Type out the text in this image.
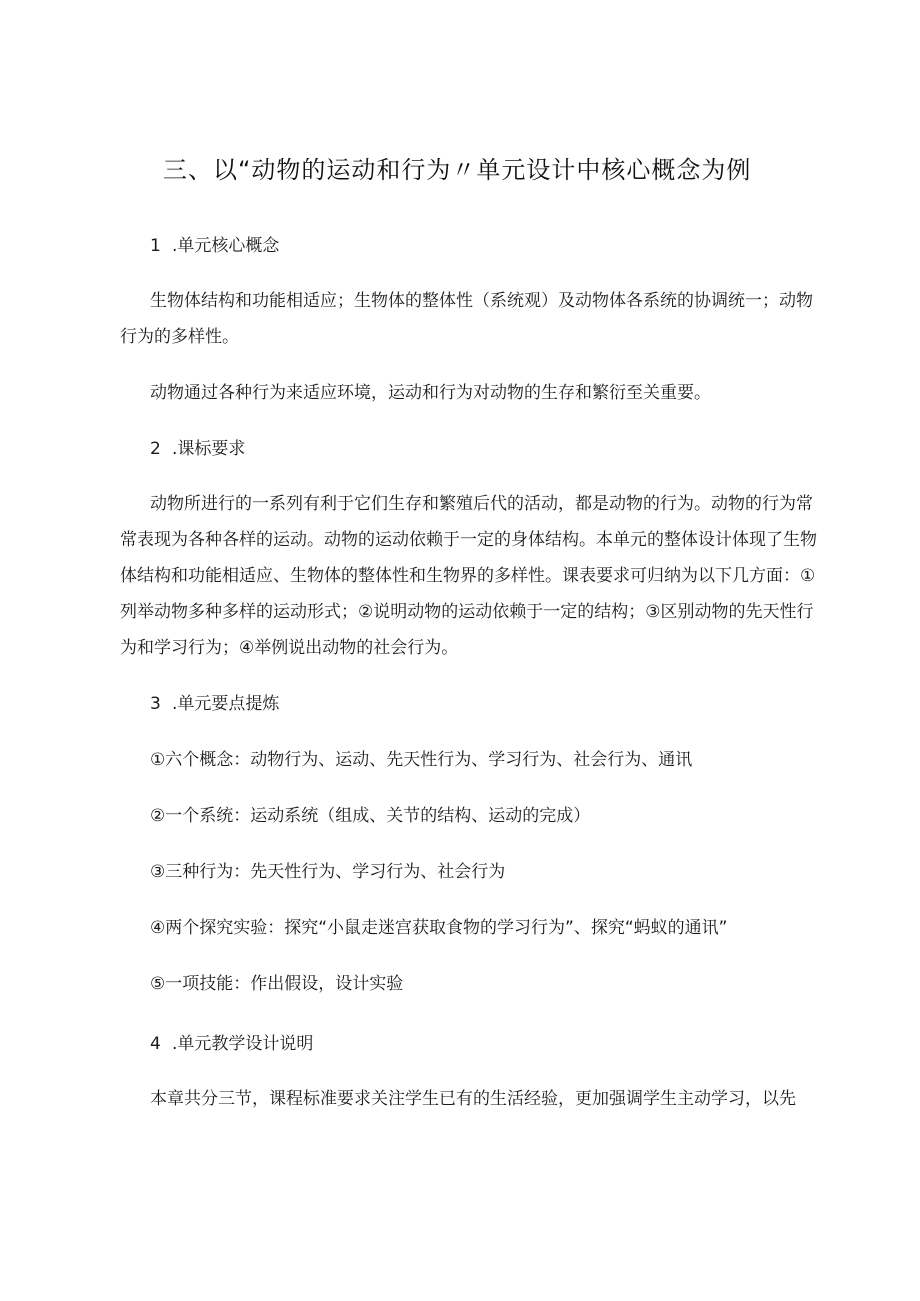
三、以“动物的运动和行为〃单元设计中核心概念为例
1 .单元核心概念
生物体结构和功能相适应；生物体的整体性（系统观）及动物体各系统的协调统一；动物
行为的多样性。
动物通过各种行为来适应环境，运动和行为对动物的生存和繁衍至关重要。
2 .课标要求
动物所进行的一系列有利于它们生存和繁殖后代的活动，都是动物的行为。动物的行为常
常表现为各种各样的运动。动物的运动依赖于一定的身体结构。本单元的整体设计体现了生物
体结构和功能相适应、生物体的整体性和生物界的多样性。课表要求可归纳为以下几方面：①
列举动物多种多样的运动形式；②说明动物的运动依赖于一定的结构；③区别动物的先天性行
为和学习行为；④举例说出动物的社会行为。
3 .单元要点提炼
①六个概念：动物行为、运动、先天性行为、学习行为、社会行为、通讯
②一个系统：运动系统（组成、关节的结构、运动的完成）
③三种行为：先天性行为、学习行为、社会行为
④两个探究实验：探究“小鼠走迷宫获取食物的学习行为”、探究“蚂蚁的通讯”
⑤一项技能：作出假设，设计实验
4 .单元教学设计说明
本章共分三节，课程标准要求关注学生已有的生活经验，更加强调学生主动学习，以先
